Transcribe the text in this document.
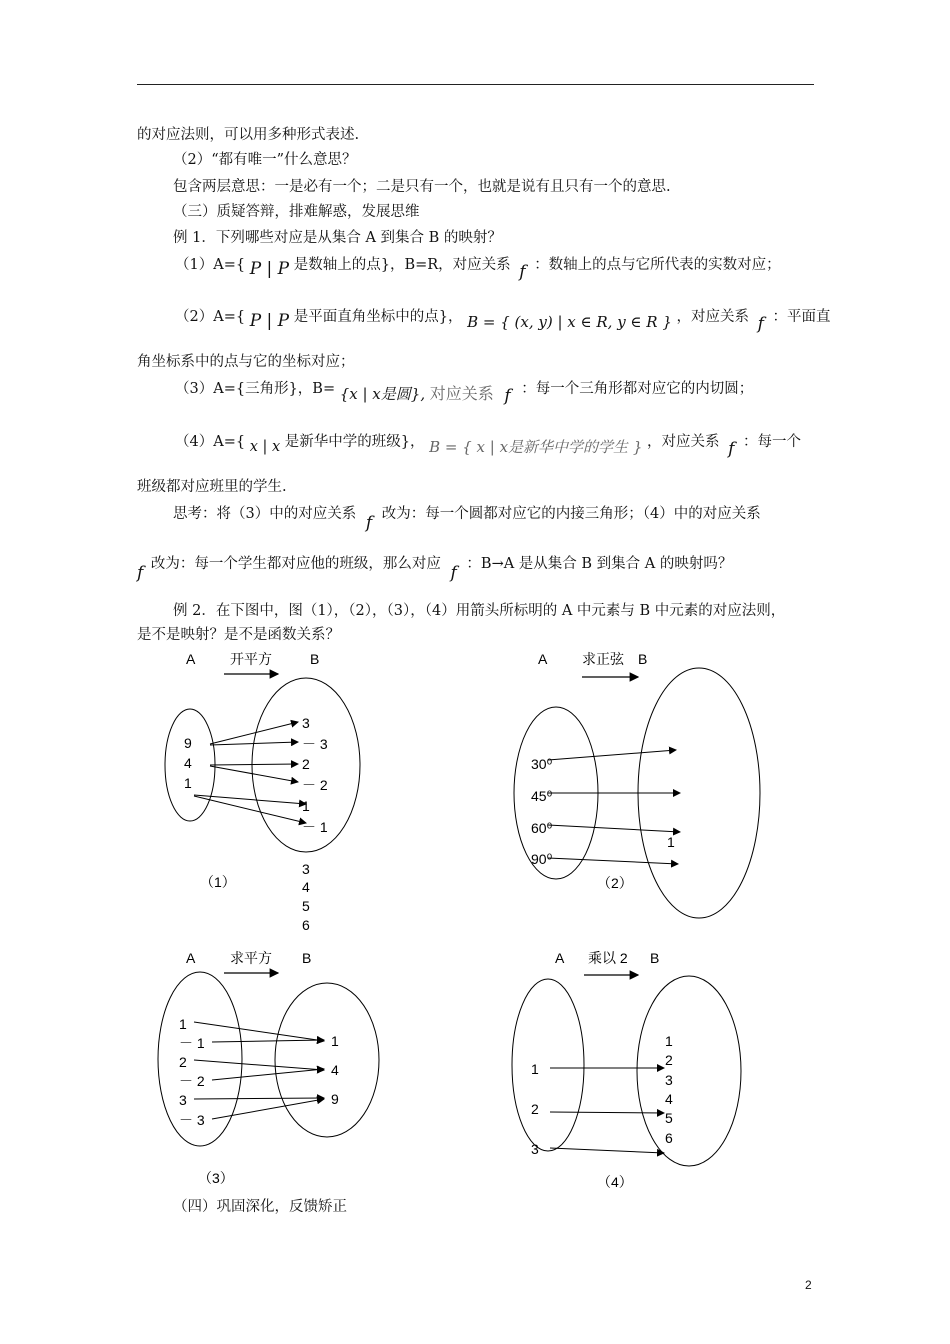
的对应法则，可以用多种形式表述.
（2）“都有唯一”什么意思？
包含两层意思：一是必有一个；二是只有一个，也就是说有且只有一个的意思.
（三）质疑答辩，排难解惑，发展思维
例 1．下列哪些对应是从集合 A 到集合 B 的映射？
（1）A={ P | P 是数轴上的点}，B=R，对应关系 f ：数轴上的点与它所代表的实数对应；
（2）A={ P | P 是平面直角坐标中的点}， B = { (x, y) | x ∈ R, y ∈ R } ，对应关系 f ：平面直
角坐标系中的点与它的坐标对应；
（3）A={三角形}，B= {x | x是圆}, 对应关系 f ：每一个三角形都对应它的内切圆；
（4）A={ x | x 是新华中学的班级}， B = { x | x是新华中学的学生 } ，对应关系 f ：每一个
班级都对应班里的学生.
思考：将（3）中的对应关系 f 改为：每一个圆都对应它的内接三角形；（4）中的对应关系
f 改为：每一个学生都对应他的班级，那么对应 f ：B→A 是从集合 B 到集合 A 的映射吗？
例 2．在下图中，图（1），（2），（3），（4）用箭头所标明的 A 中元素与 B 中元素的对应法则，
是不是映射？是不是函数关系？
A 开平方	B
9
4
1
3
－ 3
2
－ 2
1
－ 1
3
4
5
6
（1）
A 求正弦 B
30⁰
45⁰
60⁰
90⁰
1
（2）
A 求平方 B
1
－ 1
2
－ 2
3
－ 3
1
4
9
（3）
A 乘以 2 B
1
2
3
1
2
3
4
5
6
（4）
（四）巩固深化，反馈矫正
2
